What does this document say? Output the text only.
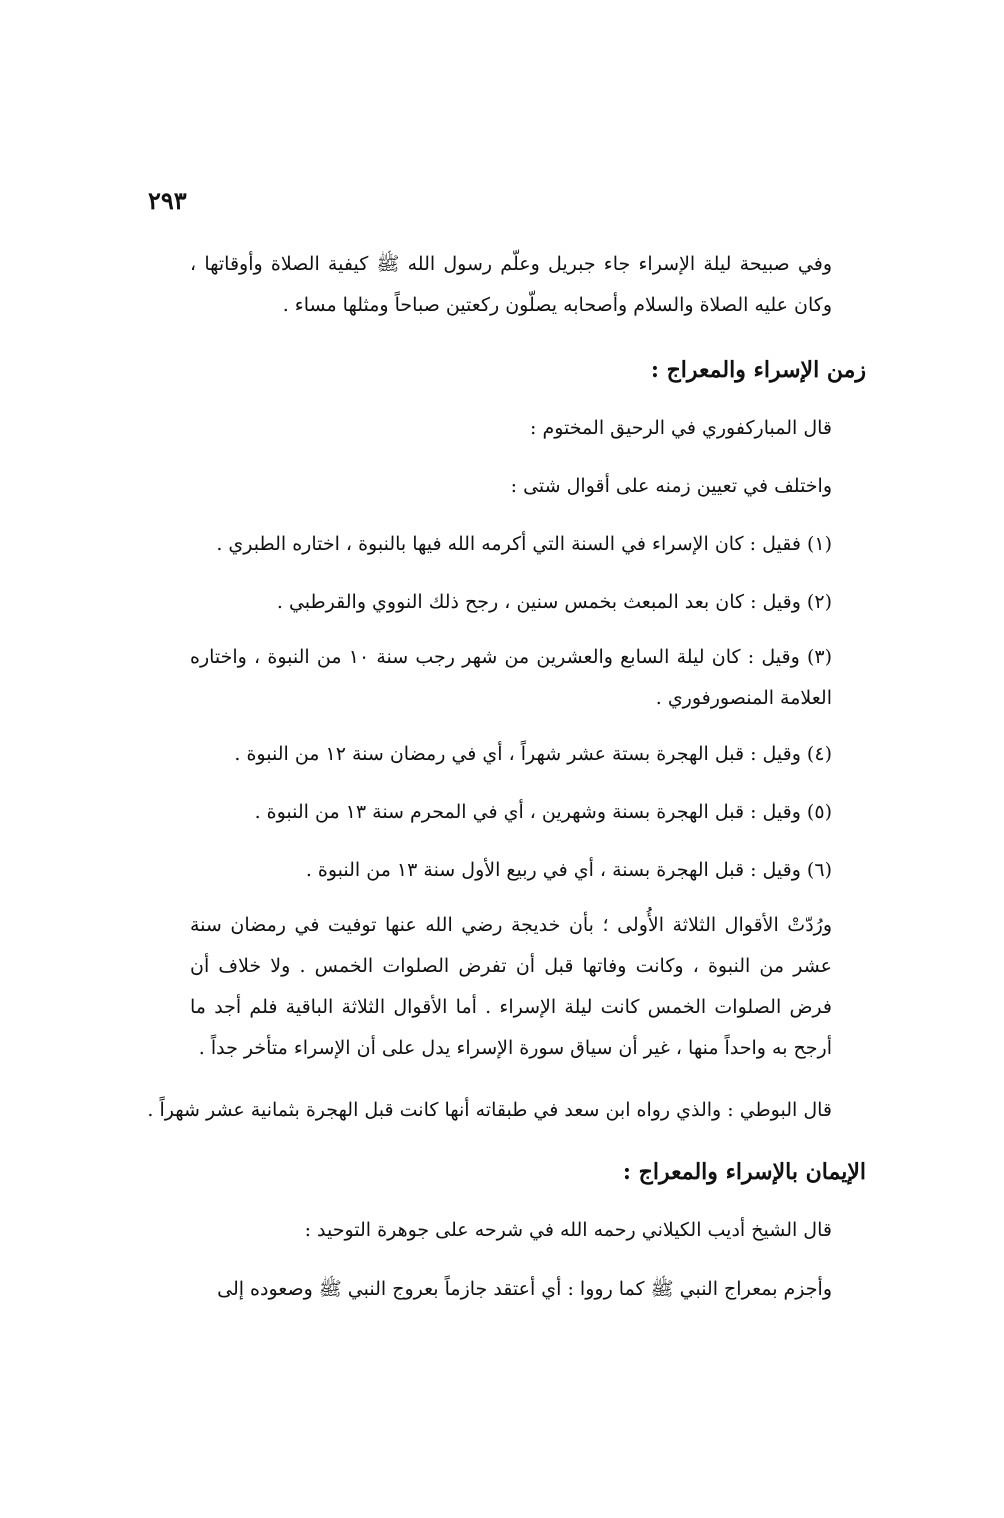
٢٩٣
وفي صبيحة ليلة الإسراء جاء جبريل وعلّم رسول الله ﷺ كيفية الصلاة وأوقاتها ، وكان عليه الصلاة والسلام وأصحابه يصلّون ركعتين صباحاً ومثلها مساء .
زمن الإسراء والمعراج :
قال المباركفوري في الرحيق المختوم :
واختلف في تعيين زمنه على أقوال شتى :
(١) فقيل : كان الإسراء في السنة التي أكرمه الله فيها بالنبوة ، اختاره الطبري .
(٢) وقيل : كان بعد المبعث بخمس سنين ، رجح ذلك النووي والقرطبي .
(٣) وقيل : كان ليلة السابع والعشرين من شهر رجب سنة ١٠ من النبوة ، واختاره العلامة المنصورفوري .
(٤) وقيل : قبل الهجرة بستة عشر شهراً ، أي في رمضان سنة ١٢ من النبوة .
(٥) وقيل : قبل الهجرة بسنة وشهرين ، أي في المحرم سنة ١٣ من النبوة .
(٦) وقيل : قبل الهجرة بسنة ، أي في ربيع الأول سنة ١٣ من النبوة .
ورُدّتْ الأقوال الثلاثة الأُولى ؛ بأن خديجة رضي الله عنها توفيت في رمضان سنة عشر من النبوة ، وكانت وفاتها قبل أن تفرض الصلوات الخمس . ولا خلاف أن فرض الصلوات الخمس كانت ليلة الإسراء . أما الأقوال الثلاثة الباقية فلم أجد ما أرجح به واحداً منها ، غير أن سياق سورة الإسراء يدل على أن الإسراء متأخر جداً .
قال البوطي : والذي رواه ابن سعد في طبقاته أنها كانت قبل الهجرة بثمانية عشر شهراً .
الإيمان بالإسراء والمعراج :
قال الشيخ أديب الكيلاني رحمه الله في شرحه على جوهرة التوحيد :
وأجزم بمعراج النبي ﷺ كما رووا : أي أعتقد جازماً بعروج النبي ﷺ وصعوده إلى
